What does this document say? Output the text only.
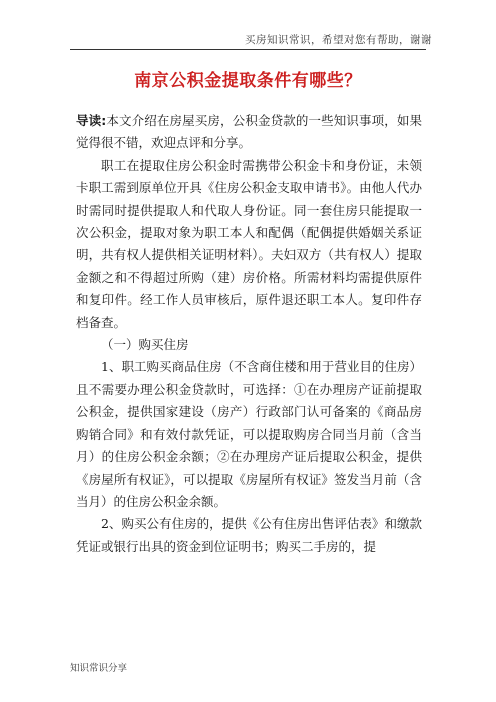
买房知识常识，希望对您有帮助，谢谢
南京公积金提取条件有哪些？

导读:本文介绍在房屋买房，公积金贷款的一些知识事项，如果觉得很不错，欢迎点评和分享。

职工在提取住房公积金时需携带公积金卡和身份证，未领卡职工需到原单位开具《住房公积金支取申请书》。由他人代办时需同时提供提取人和代取人身份证。同一套住房只能提取一次公积金，提取对象为职工本人和配偶（配偶提供婚姻关系证明，共有权人提供相关证明材料）。夫妇双方（共有权人）提取金额之和不得超过所购（建）房价格。所需材料均需提供原件和复印件。经工作人员审核后，原件退还职工本人。复印件存档备查。

（一）购买住房

1、职工购买商品住房（不含商住楼和用于营业目的住房）且不需要办理公积金贷款时，可选择：①在办理房产证前提取公积金，提供国家建设（房产）行政部门认可备案的《商品房购销合同》和有效付款凭证，可以提取购房合同当月前（含当月）的住房公积金余额；②在办理房产证后提取公积金，提供《房屋所有权证》，可以提取《房屋所有权证》签发当月前（含当月）的住房公积金余额。

2、购买公有住房的，提供《公有住房出售评估表》和缴款凭证或银行出具的资金到位证明书；购买二手房的，提

知识常识分享
